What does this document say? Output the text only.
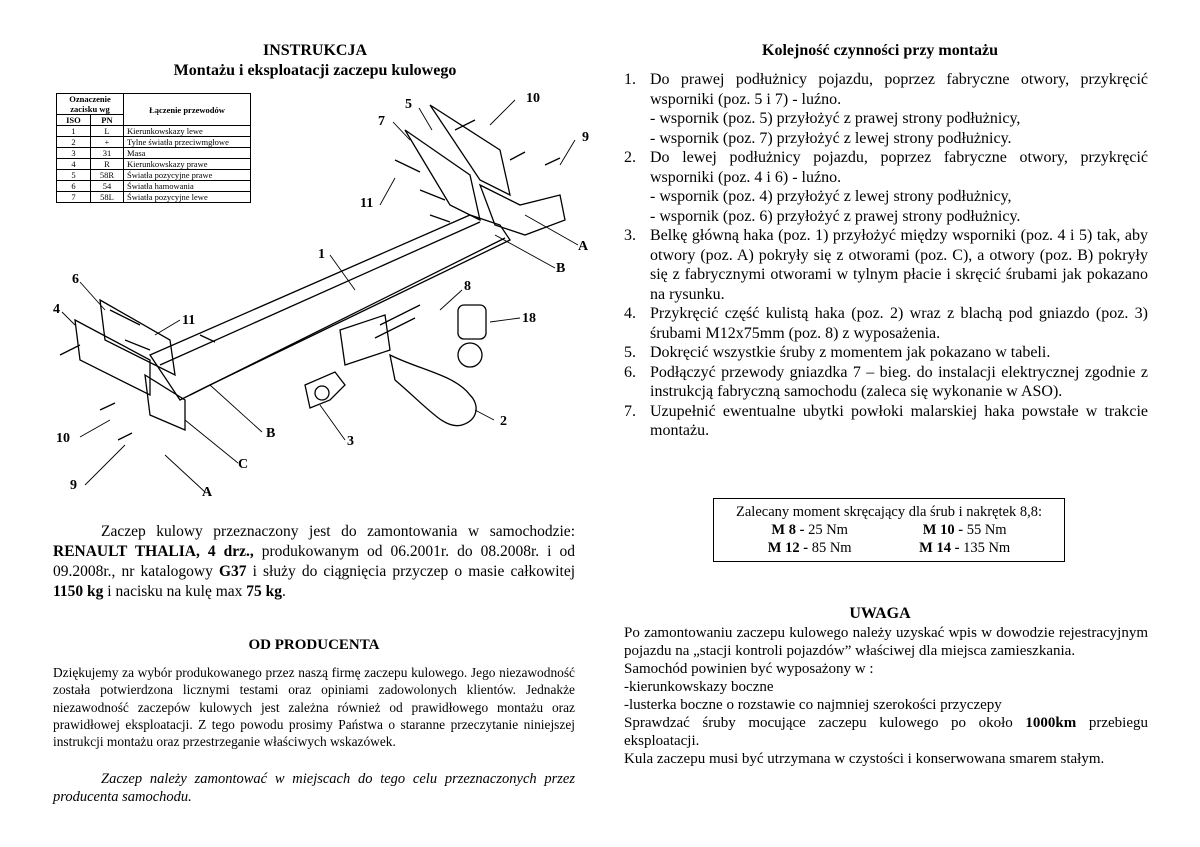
INSTRUKCJA
Montażu i eksploatacji zaczepu kulowego
Oznaczenie zacisku wg		Łączenie przewodów
ISO	PN	
1	L	Kierunkowskazy lewe
2	+	Tylne światła przeciwmgłowe
3	31	Masa
4	R	Kierunkowskazy prawe
5	58R	Światła pozycyjne prawe
6	54	Światła hamowania
7	58L	Światła pozycyjne lewe
1
2
3
4
5
6
7
8
9
9
10
10
11
11	18
A
A
B
B
C
Zaczep kulowy przeznaczony jest do zamontowania w samochodzie: RENAULT THALIA, 4 drz., produkowanym od 06.2001r. do 08.2008r. i od 09.2008r., nr katalogowy G37 i służy do ciągnięcia przyczep o masie całkowitej 1150 kg i nacisku na kulę max 75 kg.
OD PRODUCENTA
Dziękujemy za wybór produkowanego przez naszą firmę zaczepu kulowego. Jego niezawodność została potwierdzona licznymi testami oraz opiniami zadowolonych klientów. Jednakże niezawodność zaczepów kulowych jest zależna również od prawidłowego montażu oraz prawidłowej eksploatacji. Z tego powodu prosimy Państwa o staranne przeczytanie niniejszej instrukcji montażu oraz przestrzeganie właściwych wskazówek.
Zaczep należy zamontować w miejscach do tego celu przeznaczonych przez producenta samochodu.
Kolejność czynności przy montażu
1. Do prawej podłużnicy pojazdu, poprzez fabryczne otwory, przykręcić wsporniki (poz. 5 i 7) - luźno.
- wspornik (poz. 5) przyłożyć z prawej strony podłużnicy,
- wspornik (poz. 7) przyłożyć z lewej strony podłużnicy.
2. Do lewej podłużnicy pojazdu, poprzez fabryczne otwory, przykręcić wsporniki (poz. 4 i 6) - luźno.
- wspornik (poz. 4) przyłożyć z lewej strony podłużnicy,
- wspornik (poz. 6) przyłożyć z prawej strony podłużnicy.
3. Belkę główną haka (poz. 1) przyłożyć między wsporniki (poz. 4 i 5) tak, aby otwory (poz. A) pokryły się z otworami (poz. C), a otwory (poz. B) pokryły się z fabrycznymi otworami w tylnym płacie i skręcić śrubami jak pokazano na rysunku.
4. Przykręcić część kulistą haka (poz. 2) wraz z blachą pod gniazdo (poz. 3) śrubami M12x75mm (poz. 8) z wyposażenia.
5. Dokręcić wszystkie śruby z momentem jak pokazano w tabeli.
6. Podłączyć przewody gniazdka 7 – bieg. do instalacji elektrycznej zgodnie z instrukcją fabryczną samochodu (zaleca się wykonanie w ASO).
7. Uzupełnić ewentualne ubytki powłoki malarskiej haka powstałe w trakcie montażu.
Zalecany moment skręcający dla śrub i nakrętek 8,8:
M 8 - 25 Nm	M 10 - 55 Nm
M 12 - 85 Nm	M 14 - 135 Nm
UWAGA

Po zamontowaniu zaczepu kulowego należy uzyskać wpis w dowodzie rejestracyjnym pojazdu na „stacji kontroli pojazdów” właściwej dla miejsca zamieszkania.

Samochód powinien być wyposażony w :

-kierunkowskazy boczne

-lusterka boczne o rozstawie co najmniej szerokości przyczepy

Sprawdzać śruby mocujące zaczepu kulowego po około 1000km przebiegu eksploatacji.

Kula zaczepu musi być utrzymana w czystości i konserwowana smarem stałym.
